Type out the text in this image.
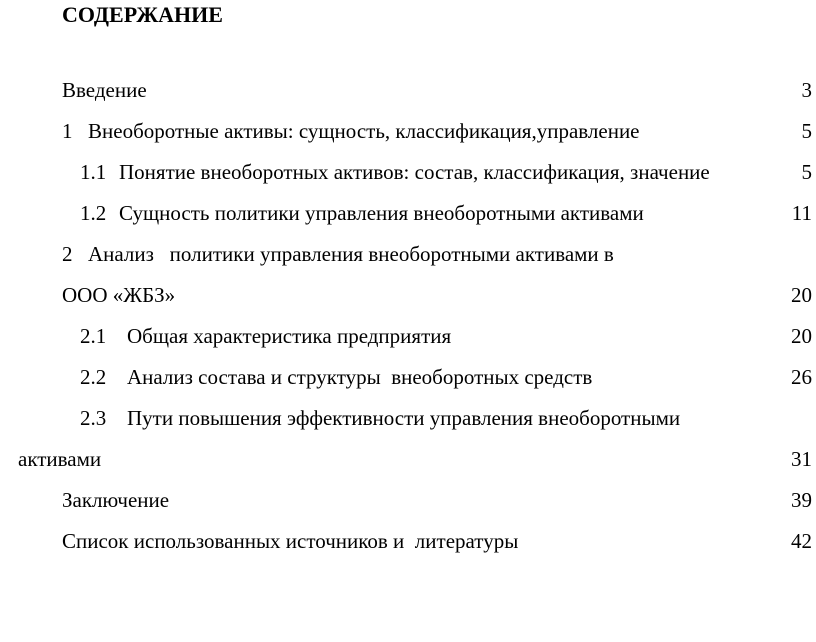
СОДЕРЖАНИЕ
Введение	3
1 Внеоборотные активы: сущность, классификация,управление	5
1.1 Понятие внеоборотных активов: состав, классификация, значение	5
1.2 Сущность политики управления внеоборотными активами	11
2 Анализ   политики управления внеоборотными активами в
ООО «ЖБЗ»	20
2.1 Общая характеристика предприятия	20
2.2 Анализ состава и структуры  внеоборотных средств	26
2.3 Пути повышения эффективности управления внеоборотными
активами	31
Заключение	39
Список использованных источников и  литературы	42
